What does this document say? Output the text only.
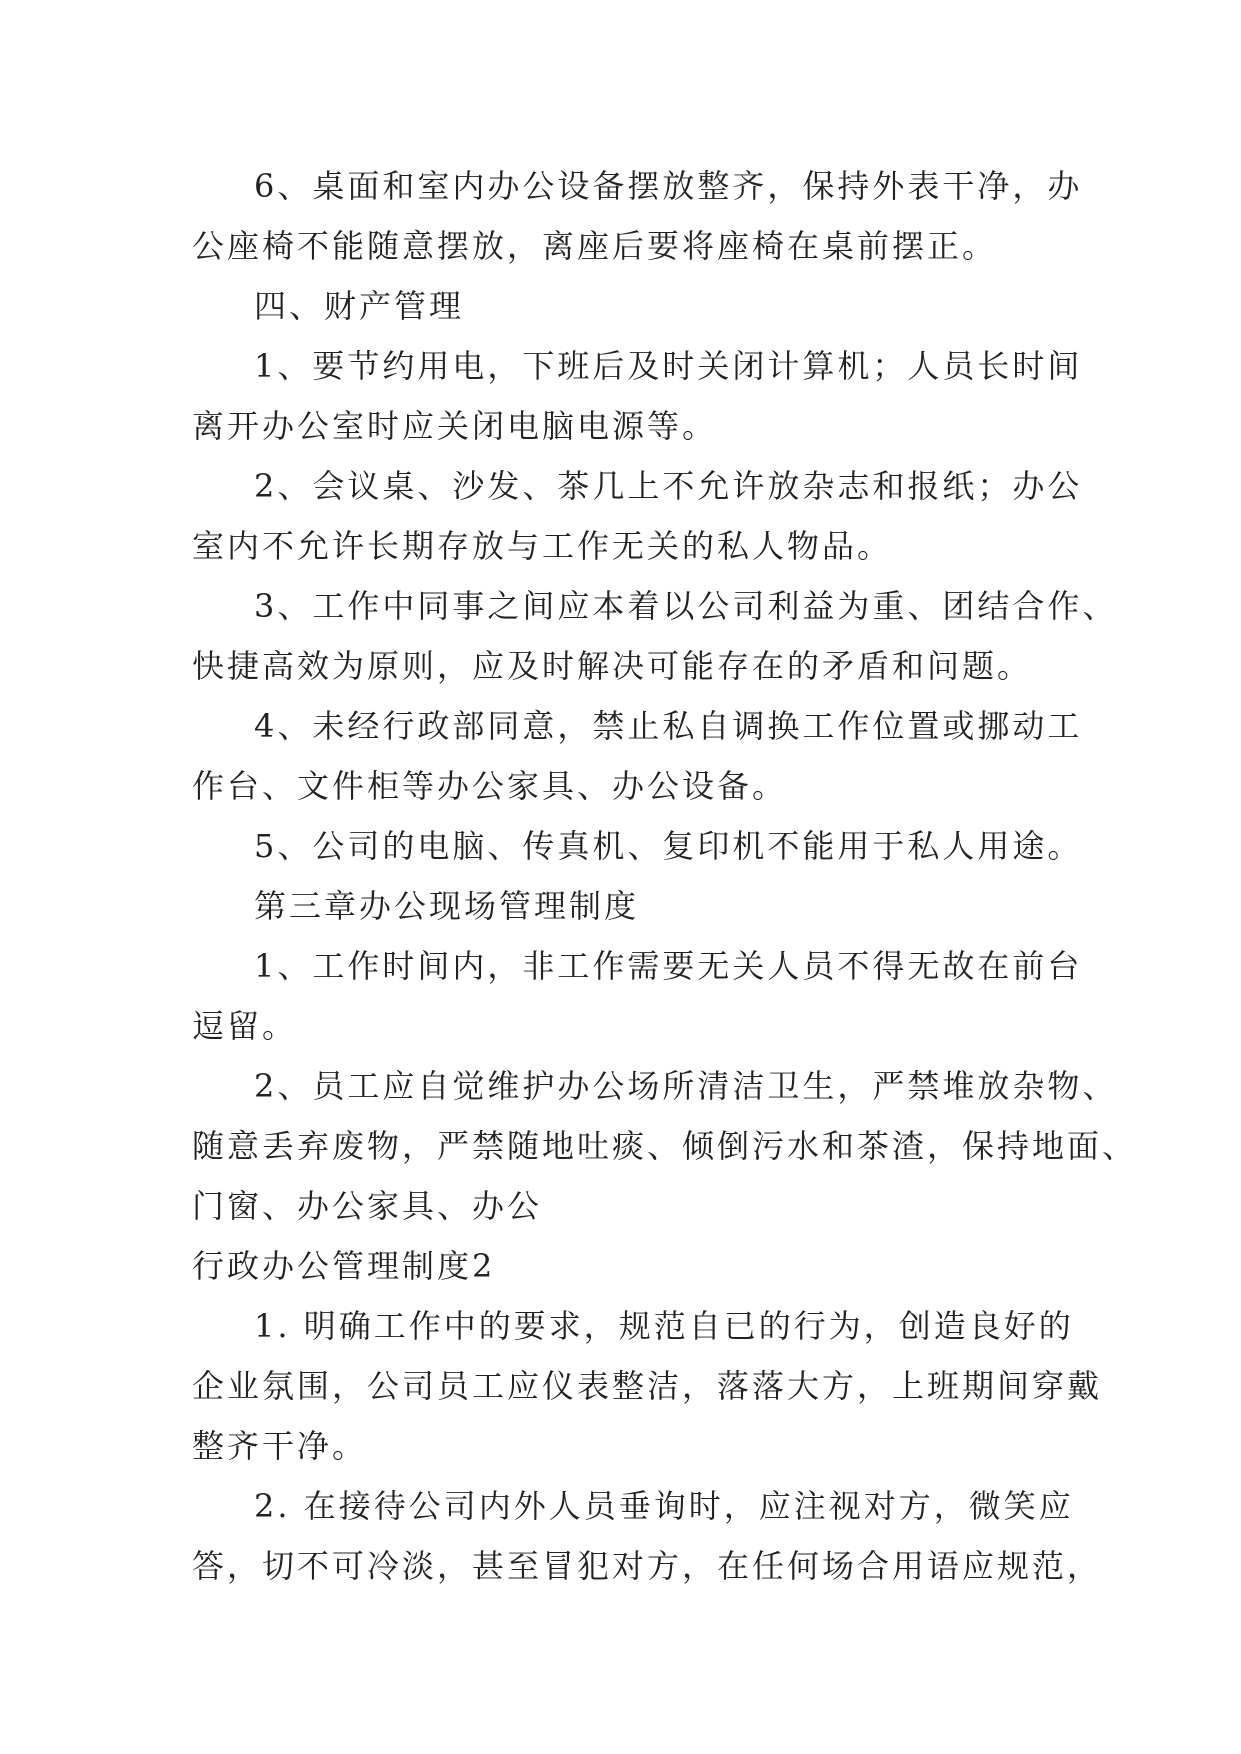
6、桌面和室内办公设备摆放整齐，保持外表干净，办
公座椅不能随意摆放，离座后要将座椅在桌前摆正。
四、财产管理
1、要节约用电，下班后及时关闭计算机；人员长时间
离开办公室时应关闭电脑电源等。
2、会议桌、沙发、茶几上不允许放杂志和报纸；办公
室内不允许长期存放与工作无关的私人物品。
3、工作中同事之间应本着以公司利益为重、团结合作、
快捷高效为原则，应及时解决可能存在的矛盾和问题。
4、未经行政部同意，禁止私自调换工作位置或挪动工
作台、文件柜等办公家具、办公设备。
5、公司的电脑、传真机、复印机不能用于私人用途。
第三章办公现场管理制度
1、工作时间内，非工作需要无关人员不得无故在前台
逗留。
2、员工应自觉维护办公场所清洁卫生，严禁堆放杂物、
随意丢弃废物，严禁随地吐痰、倾倒污水和茶渣，保持地面、
门窗、办公家具、办公
行政办公管理制度2
1. 明确工作中的要求，规范自已的行为，创造良好的
企业氛围，公司员工应仪表整洁，落落大方，上班期间穿戴
整齐干净。
2. 在接待公司内外人员垂询时，应注视对方，微笑应
答，切不可冷淡，甚至冒犯对方，在任何场合用语应规范，
